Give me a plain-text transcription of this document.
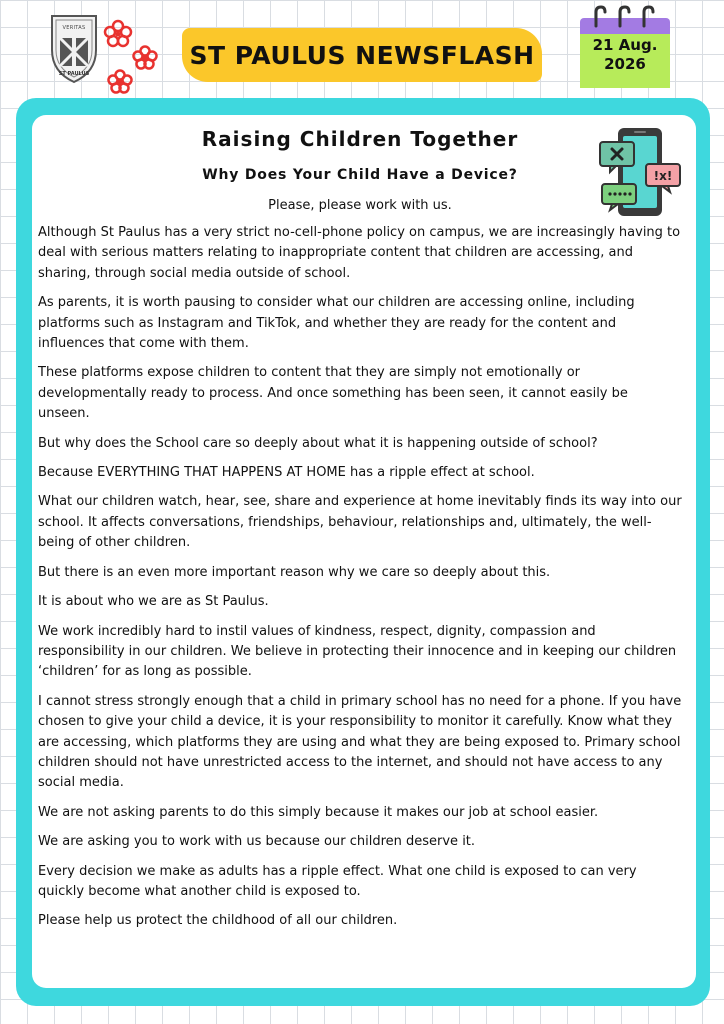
VERITAS
ST PAULUS
ST PAULUS NEWSFLASH	21 Aug.
2026
!x!
Raising Children Together
Why Does Your Child Have a Device?

Please, please work with us.

Although St Paulus has a very strict no-cell-phone policy on campus, we are increasingly having to deal with serious matters relating to inappropriate content that children are accessing, and sharing, through social media outside of school.

As parents, it is worth pausing to consider what our children are accessing online, including platforms such as Instagram and TikTok, and whether they are ready for the content and influences that come with them.

These platforms expose children to content that they are simply not emotionally or developmentally ready to process. And once something has been seen, it cannot easily be unseen.

But why does the School care so deeply about what it is happening outside of school?

Because EVERYTHING THAT HAPPENS AT HOME has a ripple effect at school.

What our children watch, hear, see, share and experience at home inevitably finds its way into our school. It affects conversations, friendships, behaviour, relationships and, ultimately, the well-being of other children.

But there is an even more important reason why we care so deeply about this.

It is about who we are as St Paulus.

We work incredibly hard to instil values of kindness, respect, dignity, compassion and responsibility in our children. We believe in protecting their innocence and in keeping our children ‘children’ for as long as possible.

I cannot stress strongly enough that a child in primary school has no need for a phone. If you have chosen to give your child a device, it is your responsibility to monitor it carefully. Know what they are accessing, which platforms they are using and what they are being exposed to. Primary school children should not have unrestricted access to the internet, and should not have access to any social media.

We are not asking parents to do this simply because it makes our job at school easier.

We are asking you to work with us because our children deserve it.

Every decision we make as adults has a ripple effect. What one child is exposed to can very quickly become what another child is exposed to.

Please help us protect the childhood of all our children.
